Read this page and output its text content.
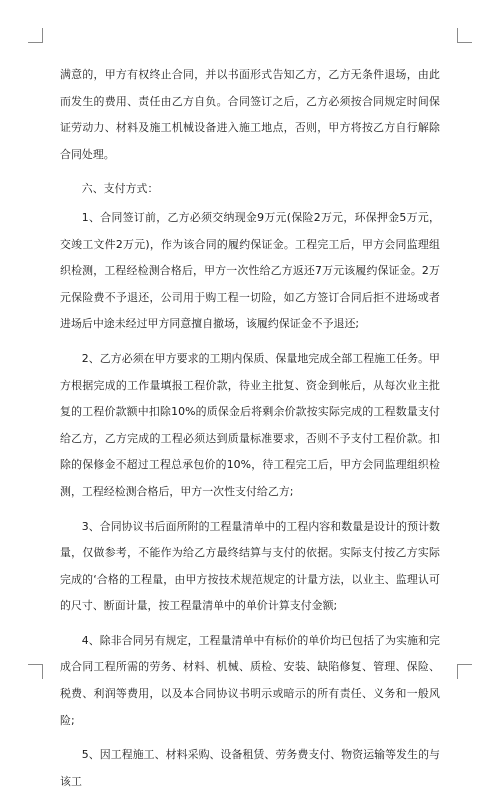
满意的，甲方有权终止合同，并以书面形式告知乙方，乙方无条件退场，由此而发生的费用、责任由乙方自负。合同签订之后，乙方必须按合同规定时间保证劳动力、材料及施工机械设备进入施工地点，否则，甲方将按乙方自行解除合同处理。

六、支付方式：

1、合同签订前，乙方必须交纳现金9万元(保险2万元，环保押金5万元，交竣工文件2万元)，作为该合同的履约保证金。工程完工后，甲方会同监理组织检测，工程经检测合格后，甲方一次性给乙方返还7万元该履约保证金。2万元保险费不予退还，公司用于购工程一切险，如乙方签订合同后拒不进场或者进场后中途未经过甲方同意擅自撤场，该履约保证金不予退还;

2、乙方必须在甲方要求的工期内保质、保量地完成全部工程施工任务。甲方根据完成的工作量填报工程价款，待业主批复、资金到帐后，从每次业主批复的工程价款额中扣除10%的质保金后将剩余价款按实际完成的工程数量支付给乙方，乙方完成的工程必须达到质量标准要求，否则不予支付工程价款。扣除的保修金不超过工程总承包价的10%，待工程完工后，甲方会同监理组织检测，工程经检测合格后，甲方一次性支付给乙方;

3、合同协议书后面所附的工程量清单中的工程内容和数量是设计的预计数量，仅做参考，不能作为给乙方最终结算与支付的依据。实际支付按乙方实际完成的‘合格的工程量，由甲方按技术规范规定的计量方法，以业主、监理认可的尺寸、断面计量，按工程量清单中的单价计算支付金额;

4、除非合同另有规定，工程量清单中有标价的单价均已包括了为实施和完成合同工程所需的劳务、材料、机械、质检、安装、缺陷修复、管理、保险、税费、利润等费用，以及本合同协议书明示或暗示的所有责任、义务和一般风险;

5、因工程施工、材料采购、设备租赁、劳务费支付、物资运输等发生的与该工
